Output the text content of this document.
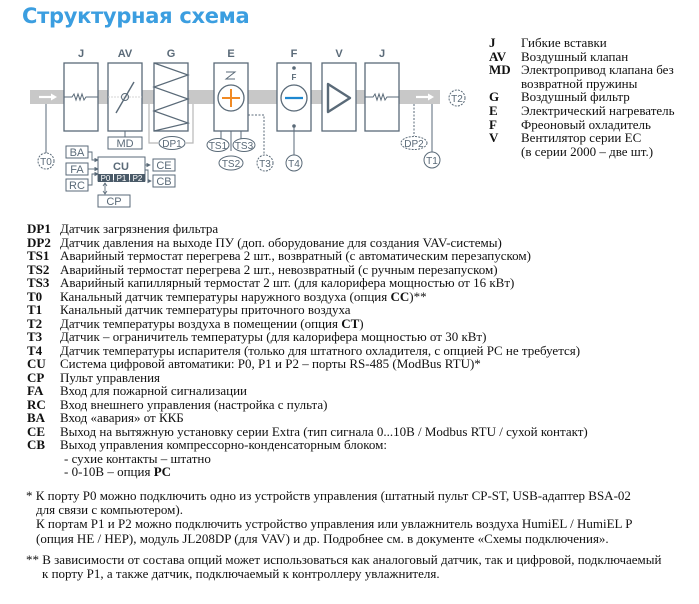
Структурная схема
J	AV	G	E	F	V	J
MD	DP1	TS1 TS3
TS2 T3
F
T4
DP2
T1
T2
T0
BA
FA
RC
CU
P0 P1 P2
CE
CB
CP
J	Гибкие вставки
AV	Воздушный клапан
MD Электропривод клапана без
возвратной пружины
G	Воздушный фильтр
E	Электрический нагреватель
F	Фреоновый охладитель
V	Вентилятор серии EC
(в серии 2000 – две шт.)
DP1 Датчик загрязнения фильтра
DP2 Датчик давления на выходе ПУ (доп. оборудование для создания VAV-системы)
TS1 Аварийный термостат перегрева 2 шт., возвратный (с автоматическим перезапуском)
TS2 Аварийный термостат перегрева 2 шт., невозвратный (с ручным перезапуском)
TS3 Аварийный капиллярный термостат 2 шт. (для калорифера мощностью от 16 кВт)
T0	Канальный датчик температуры наружного воздуха (опция CC)**
T1	Канальный датчик температуры приточного воздуха
T2	Датчик температуры воздуха в помещении (опция CT)
T3	Датчик – ограничитель температуры (для калорифера мощностью от 30 кВт)
T4	Датчик температуры испарителя (только для штатного охладителя, с опцией PC не требуется)
CU	Система цифровой автоматики: P0, P1 и P2 – порты RS-485 (ModBus RTU)*
CP	Пульт управления
FA	Вход для пожарной сигнализации
RC	Вход внешнего управления (настройка с пульта)
BA	Вход «авария» от ККБ
CE	Выход на вытяжную установку серии Extra (тип сигнала 0...10В / Modbus RTU / сухой контакт)
CB	Выход управления компрессорно-конденсаторным блоком:
- сухие контакты – штатно
- 0-10В – опция PC
* К порту P0 можно подключить одно из устройств управления (штатный пульт CP-ST, USB-адаптер BSA-02
для связи с компьютером).
К портам P1 и P2 можно подключить устройство управления или увлажнитель воздуха HumiEL / HumiEL P
(опция HE / HEP), модуль JL208DP (для VAV) и др. Подробнее см. в документе «Схемы подключения».
** В зависимости от состава опций может использоваться как аналоговый датчик, так и цифровой, подключаемый
к порту P1, а также датчик, подключаемый к контроллеру увлажнителя.
